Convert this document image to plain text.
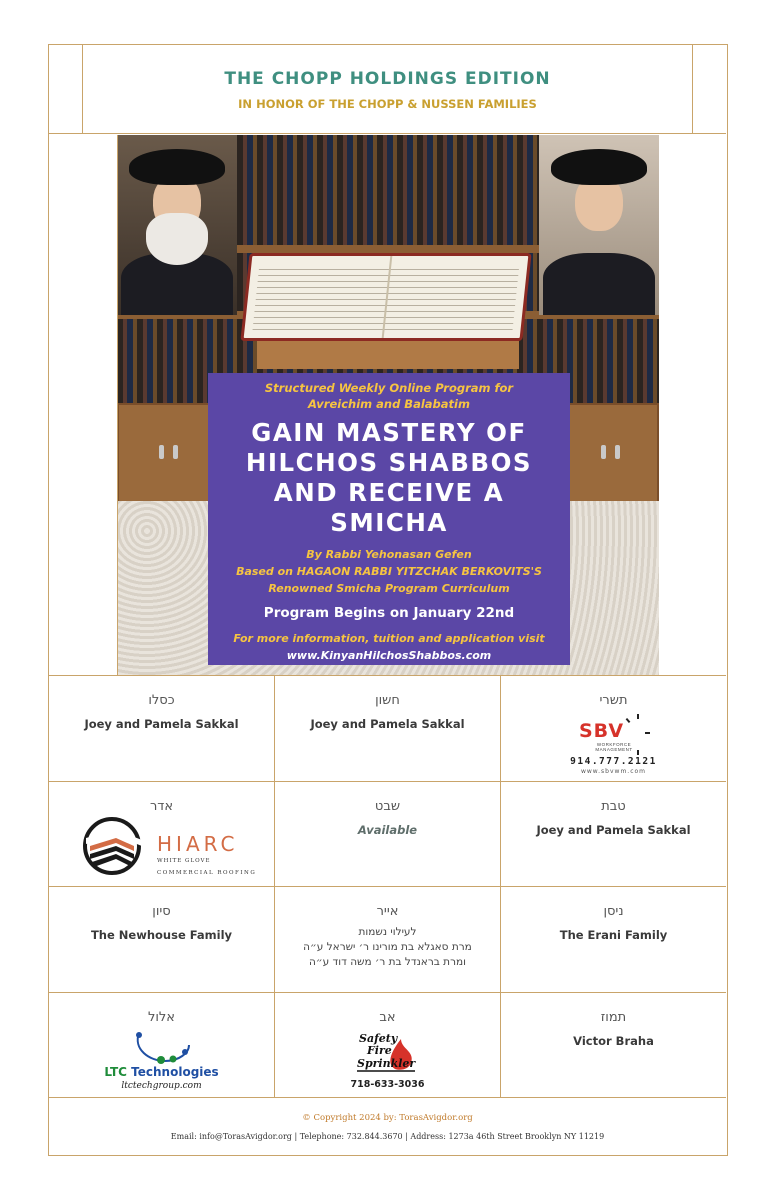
THE CHOPP HOLDINGS EDITION
IN HONOR OF THE CHOPP & NUSSEN FAMILIES
Structured Weekly Online Program for Avreichim and Balabatim
GAIN MASTERY OF HILCHOS SHABBOS AND RECEIVE A SMICHA
By Rabbi Yehonasan Gefen
Based on HAGAON RABBI YITZCHAK BERKOVITS'S
Renowned Smicha Program Curriculum
Program Begins on January 22nd
For more information, tuition and application visit
www.KinyanHilchosShabbos.com
כסלו
Joey and Pamela Sakkal
חשון
Joey and Pamela Sakkal
תשרי
SBV
WORKFORCE MANAGEMENT
914.777.2121
www.sbvwm.com
אדר
HIARC
WHITE GLOVE
COMMERCIAL ROOFING
שבט
Available
טבת
Joey and Pamela Sakkal
סיון
The Newhouse Family
אייר
לעילוי נשמות
מרת סאגלא בת מורינו ר׳ ישראל ע״ה
ומרת בראנדל בת ר׳ משה דוד ע״ה
ניסן
The Erani Family
אלול
LTC Technologies
ltctechgroup.com
אב
Safety
Fire
Sprinkler
718-633-3036
תמוז
Victor Braha
© Copyright 2024 by: TorasAvigdor.org
Email: info@TorasAvigdor.org | Telephone: 732.844.3670 | Address: 1273a 46th Street Brooklyn NY 11219
